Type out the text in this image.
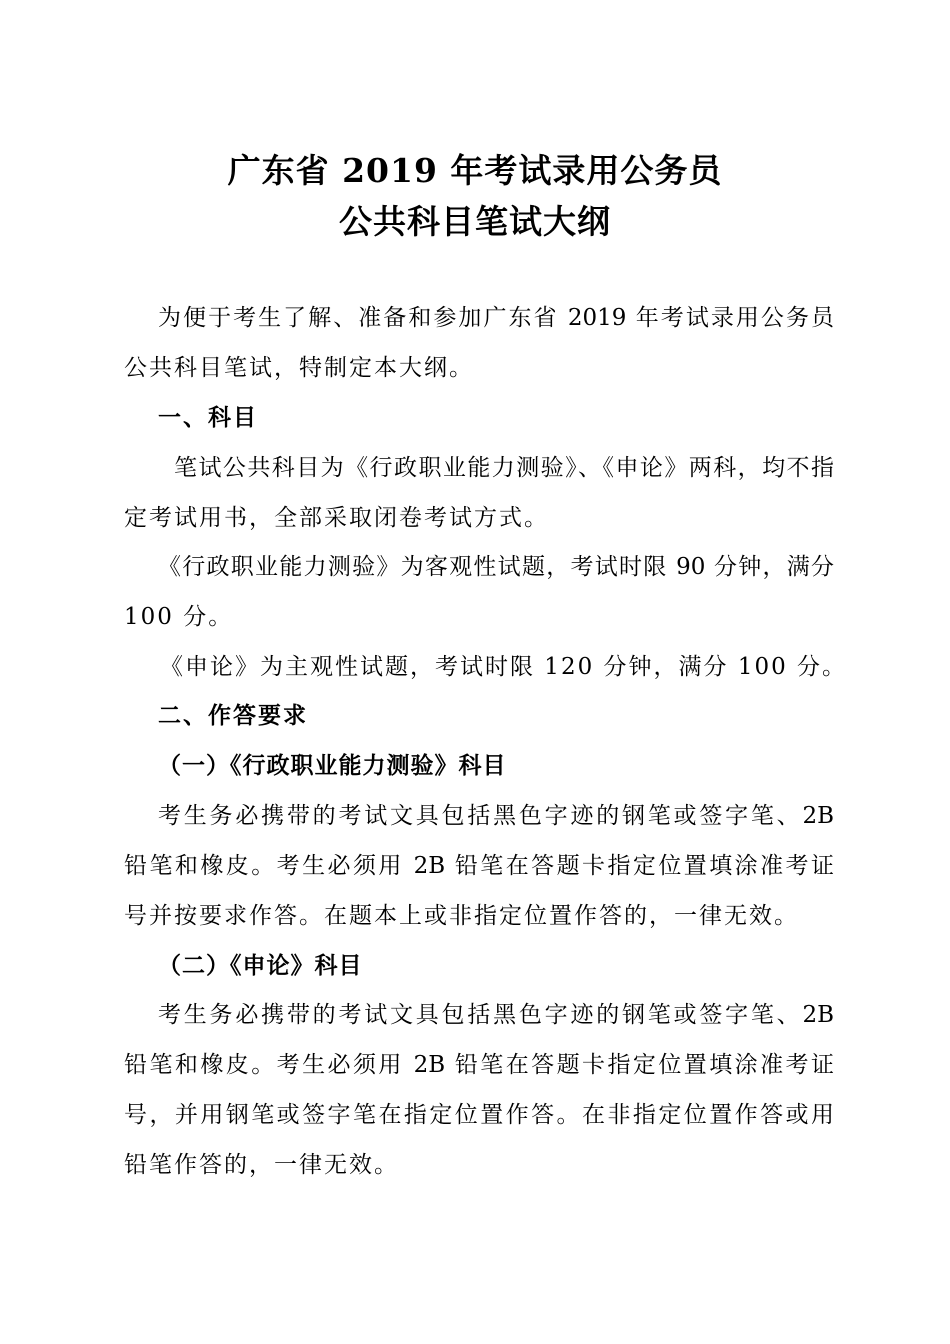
广东省 2019 年考试录用公务员
公共科目笔试大纲
为便于考生了解、准备和参加广东省 2019 年考试录用公务员
公共科目笔试，特制定本大纲。
一、科目
笔试公共科目为《行政职业能力测验》、《申论》两科，均不指
定考试用书，全部采取闭卷考试方式。
《行政职业能力测验》为客观性试题，考试时限 90 分钟，满分
100 分。
《申论》为主观性试题，考试时限 120 分钟，满分 100 分。
二、作答要求
（一）《行政职业能力测验》科目
考生务必携带的考试文具包括黑色字迹的钢笔或签字笔、2B
铅笔和橡皮。考生必须用 2B 铅笔在答题卡指定位置填涂准考证
号并按要求作答。在题本上或非指定位置作答的，一律无效。
（二）《申论》科目
考生务必携带的考试文具包括黑色字迹的钢笔或签字笔、2B
铅笔和橡皮。考生必须用 2B 铅笔在答题卡指定位置填涂准考证
号，并用钢笔或签字笔在指定位置作答。在非指定位置作答或用
铅笔作答的，一律无效。
